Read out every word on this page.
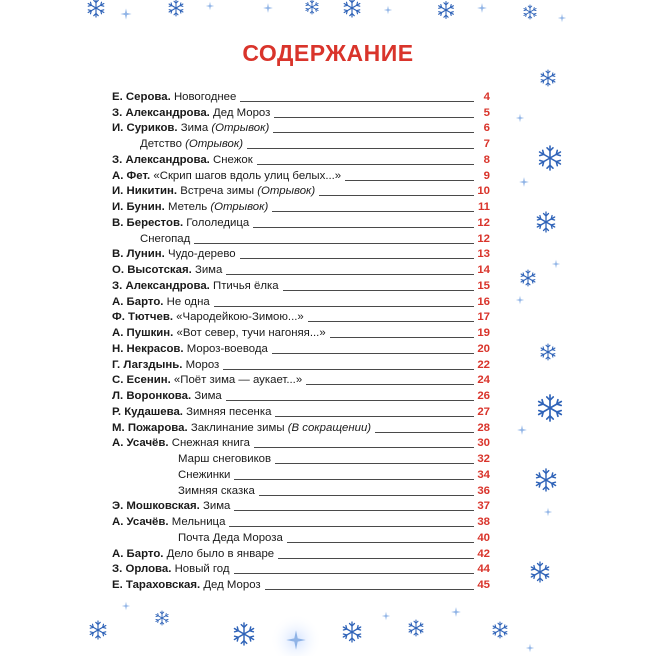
СОДЕРЖАНИЕ
Е. Серова. Новогоднее	4
З. Александрова. Дед Мороз	5
И. Суриков. Зима (Отрывок)	6
Детство (Отрывок)	7
З. Александрова. Снежок	8
А. Фет. «Скрип шагов вдоль улиц белых...»	9
И. Никитин. Встреча зимы (Отрывок)	10
И. Бунин. Метель (Отрывок)	11
В. Берестов. Гололедица	12
Снегопад	12
В. Лунин. Чудо-дерево	13
О. Высотская. Зима	14
З. Александрова. Птичья ёлка	15
А. Барто. Не одна	16
Ф. Тютчев. «Чародейкою-Зимою...»	17
А. Пушкин. «Вот север, тучи нагоняя...»	19
Н. Некрасов. Мороз-воевода	20
Г. Лагздынь. Мороз	22
С. Есенин. «Поёт зима — аукает...»	24
Л. Воронкова. Зима	26
Р. Кудашева. Зимняя песенка	27
М. Пожарова. Заклинание зимы (В сокращении)	28
А. Усачёв. Снежная книга	30
Марш снеговиков	32
Снежинки	34
Зимняя сказка	36
Э. Мошковская. Зима	37
А. Усачёв. Мельница	38
Почта Деда Мороза	40
А. Барто. Дело было в январе	42
З. Орлова. Новый год	44
Е. Тараховская. Дед Мороз	45
